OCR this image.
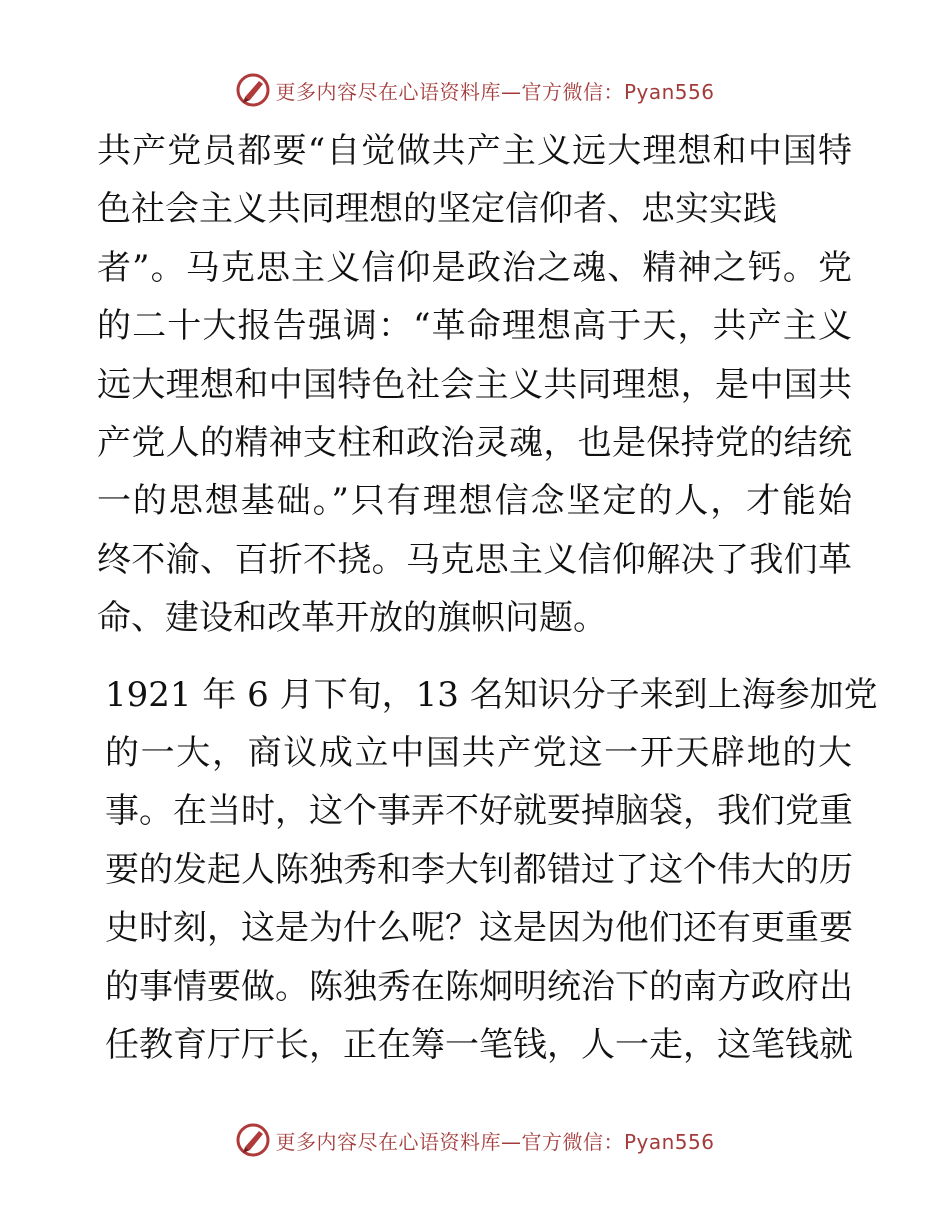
更多内容尽在心语资料库—官方微信：Pyan556

共产党员都要“自觉做共产主义远大理想和中国特
色社会主义共同理想的坚定信仰者、忠实实践
者”。马克思主义信仰是政治之魂、精神之钙。党
的二十大报告强调：“革命理想高于天，共产主义
远大理想和中国特色社会主义共同理想，是中国共
产党人的精神支柱和政治灵魂，也是保持党的结统
一的思想基础。”只有理想信念坚定的人，才能始
终不渝、百折不挠。马克思主义信仰解决了我们革
命、建设和改革开放的旗帜问题。

1921 年 6 月下旬，13 名知识分子来到上海参加党
的一大，商议成立中国共产党这一开天辟地的大
事。在当时，这个事弄不好就要掉脑袋，我们党重
要的发起人陈独秀和李大钊都错过了这个伟大的历
史时刻，这是为什么呢？这是因为他们还有更重要
的事情要做。陈独秀在陈炯明统治下的南方政府出
任教育厅厅长，正在筹一笔钱，人一走，这笔钱就

更多内容尽在心语资料库—官方微信：Pyan556
